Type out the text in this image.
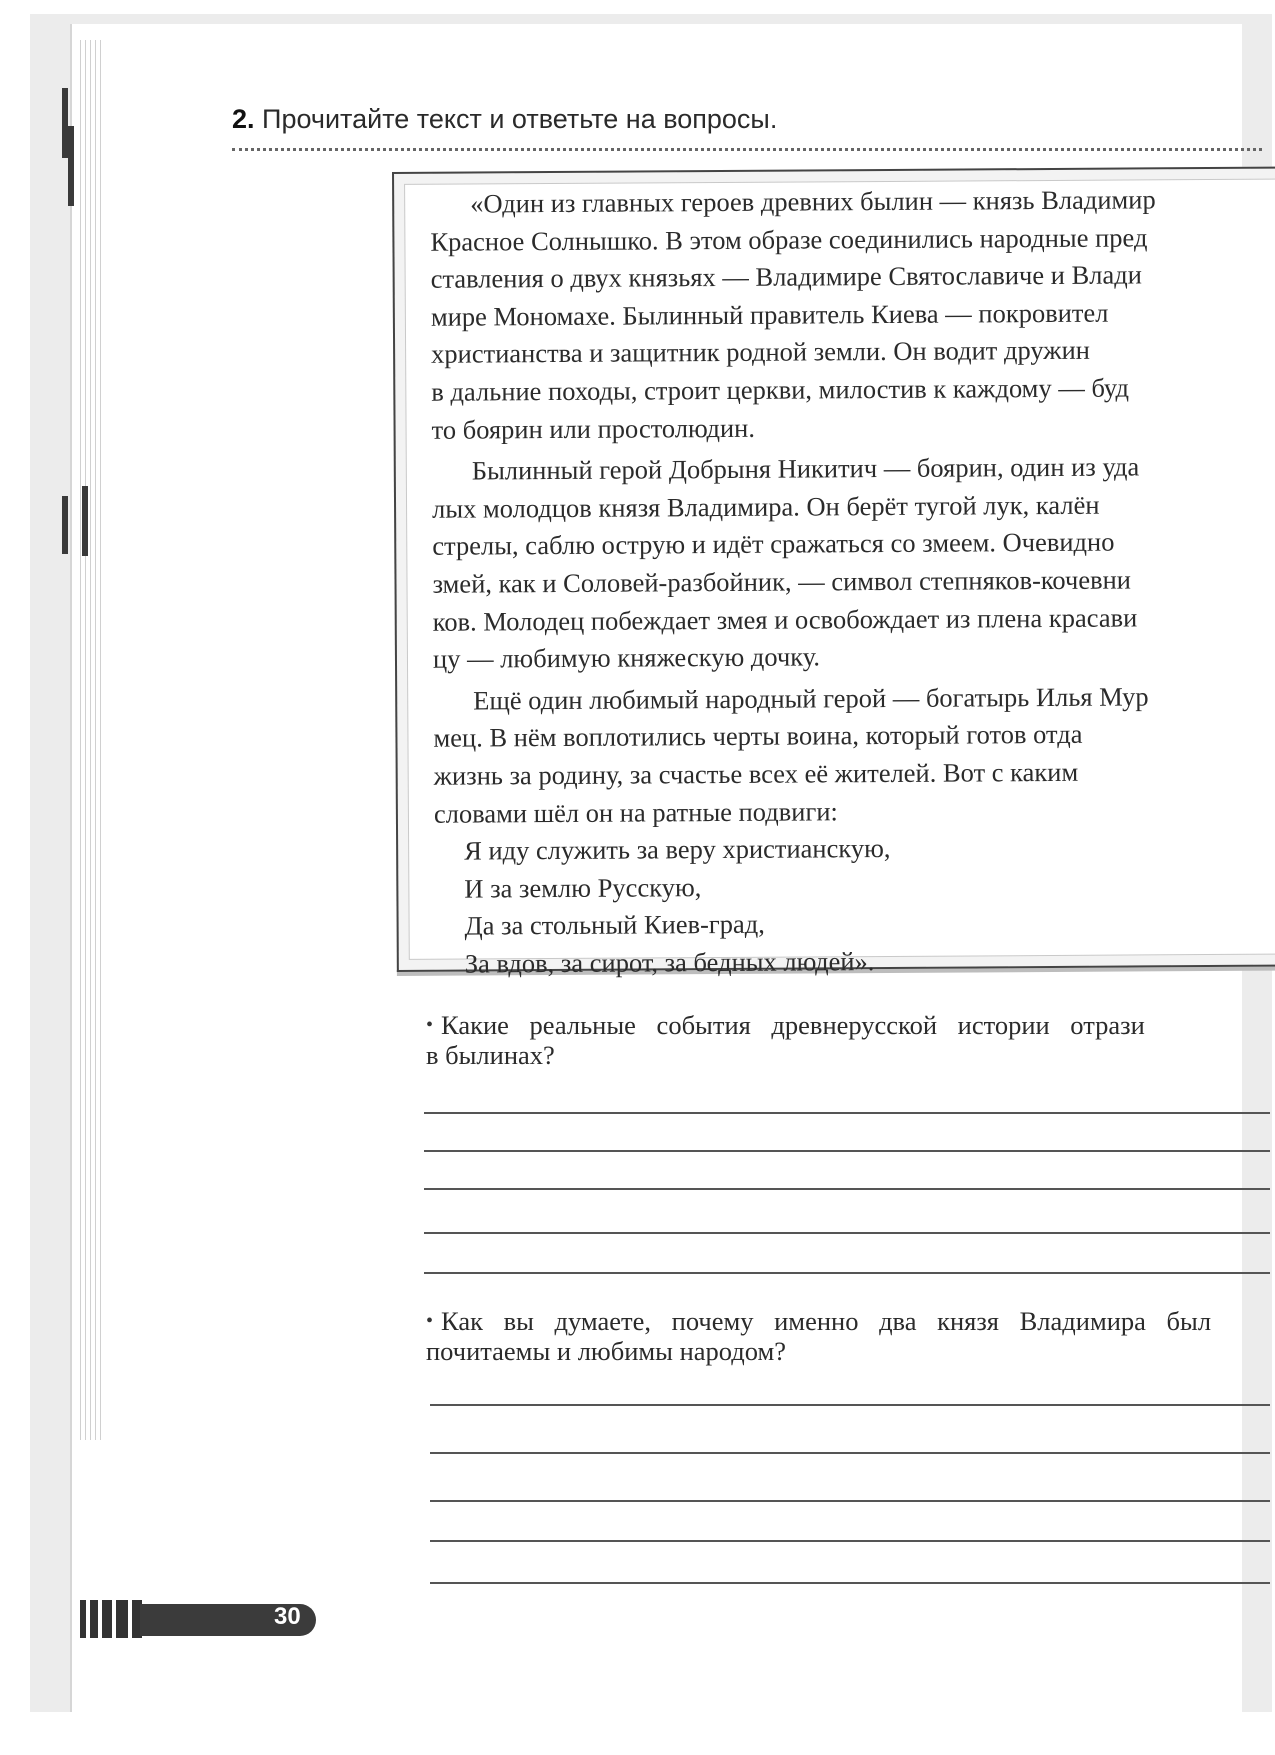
2. Прочитайте текст и ответьте на вопросы.

«Один из главных героев древних былин — князь Владимир

Красное Солнышко. В этом образе соединились народные пред

ставления о двух князьях — Владимире Святославиче и Влади

мире Мономахе. Былинный правитель Киева — покровител

христианства и защитник родной земли. Он водит дружин

в дальние походы, строит церкви, милостив к каждому — буд

то боярин или простолюдин.

Былинный герой Добрыня Никитич — боярин, один из уда

лых молодцов князя Владимира. Он берёт тугой лук, калён

стрелы, саблю острую и идёт сражаться со змеем. Очевидно

змей, как и Соловей-разбойник, — символ степняков-кочевни

ков. Молодец побеждает змея и освобождает из плена красави

цу — любимую княжескую дочку.

Ещё один любимый народный герой — богатырь Илья Мур

мец. В нём воплотились черты воина, который готов отда

жизнь за родину, за счастье всех её жителей. Вот с каким

словами шёл он на ратные подвиги:

Я иду служить за веру христианскую,

И за землю Русскую,

Да за стольный Киев-град,

За вдов, за сирот, за бедных людей».

• Какие реальные события древнерусской истории отрази

в былинах?

• Как вы думаете, почему именно два князя Владимира был

почитаемы и любимы народом?

30
